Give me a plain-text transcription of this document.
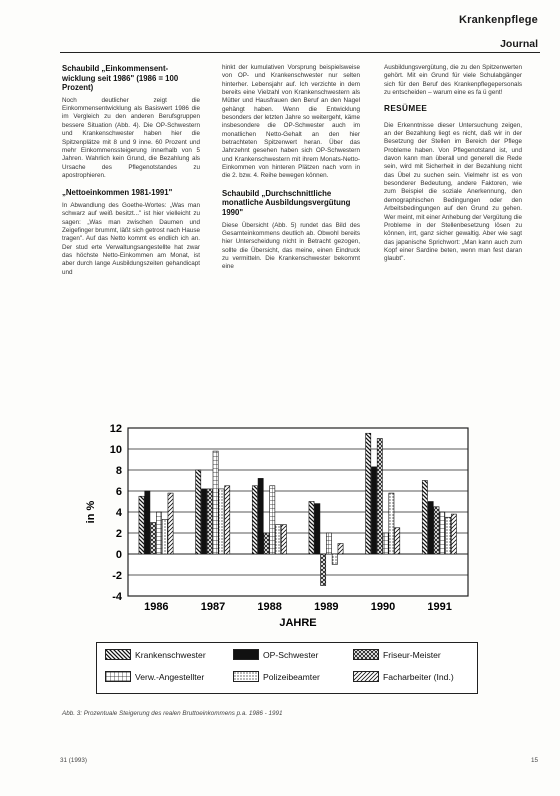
Krankenpflege
Journal
Schaubild „Einkommensent-wicklung seit 1986" (1986 = 100 Prozent)

Noch deutlicher zeigt die Einkommensentwicklung als Basiswert 1986 die im Vergleich zu den anderen Berufsgruppen bessere Situation (Abb. 4). Die OP-Schwestern und Krankenschwester haben hier die Spitzenplätze mit 8 und 9 inne. 60 Prozent und mehr Einkommenssteigerung innerhalb von 5 Jahren. Wahrlich kein Grund, die Bezahlung als Ursache des Pflegenotstandes zu apostrophieren.

„Nettoeinkommen 1981-1991"

In Abwandlung des Goethe-Wortes: „Was man schwarz auf weiß besitzt..." ist hier vielleicht zu sagen: „Was man zwischen Daumen und Zeigefinger brummt, läßt sich getrost nach Hause tragen". Auf das Netto kommt es endlich ich an. Der stud erte Verwaltungsangestellte hat zwar das höchste Netto-Einkommen am Monat, ist aber durch lange Ausbildungszeiten gehandicapt und

hinkt der kumulativen Vorsprung beispielsweise von OP- und Krankenschwester nur selten hinterher. Lebensjahr auf. Ich verzichte in dem bereits eine Vielzahl von Krankenschwestern als Mütter und Hausfrauen den Beruf an den Nagel gehängt haben. Wenn die Entwicklung besonders der letzten Jahre so weitergeht, käme insbesondere die OP-Schwester auch im monatlichen Netto-Gehalt an den hier betrachteten Spitzenwert heran. Über das Jahrzehnt gesehen haben sich OP-Schwestern und Krankenschwestern mit ihrem Monats-Netto-Einkommen von hinteren Plätzen nach vorn in die 2. bzw. 4. Reihe bewegen können.

Schaubild „Durchschnittliche monatliche Ausbildungsvergütung 1990"

Diese Übersicht (Abb. 5) rundet das Bild des Gesamteinkommens deutlich ab. Obwohl bereits hier Unterscheidung nicht in Betracht gezogen, sollte die Übersicht, das meine, einen Eindruck zu vermitteln. Die Krankenschwester bekommt eine

Ausbildungsvergütung, die zu den Spitzenwerten gehört. Mit ein Grund für viele Schulabgänger sich für den Beruf des Krankenpflegepersonals zu entscheiden – warum eine es fa ü gent!

RESÜMEE

Die Erkenntnisse dieser Untersuchung zeigen, an der Bezahlung liegt es nicht, daß wir in der Besetzung der Stellen im Bereich der Pflege Probleme haben. Von Pflegenotstand ist, und davon kann man überall und generell die Rede sein, wird mit Sicherheit in der Bezahlung nicht das Übel zu suchen sein. Vielmehr ist es von besonderer Bedeutung, andere Faktoren, wie zum Beispiel die soziale Anerkennung, den demographischen Bedingungen oder den Arbeitsbedingungen auf den Grund zu gehen. Wer meint, mit einer Anhebung der Vergütung die Probleme in der Stellenbesetzung lösen zu können, irrt, ganz sicher gewaltig. Aber wie sagt das japanische Sprichwort: „Man kann auch zum Kopf einer Sardine beten, wenn man fest daran glaubt".

-4
-2
0
2
4
6
8
10
12
1986	1987	1988	1989	1990	1991
in %
JAHRE
Krankenschwester	OP-Schwester	Friseur-Meister
Verw.-Angestellter	Polizeibeamter	Facharbeiter (Ind.)
Abb. 3: Prozentuale Steigerung des realen Bruttoeinkommens p.a. 1986 - 1991
31 (1993)	15
